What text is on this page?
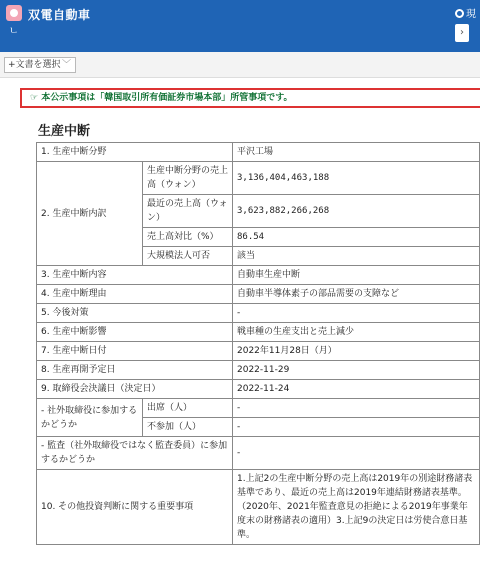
双電自動車
ㄴ
現
›
+文書を選択 ﹀
☞ 本公示事項は「韓国取引所有価証券市場本部」所管事項です。
生産中断
1. 生産中断分野		平沢工場
2. 生産中断内訳	生産中断分野の売上高（ウォン）	3,136,404,463,188
	最近の売上高（ウォン）	3,623,882,266,268
	売上高対比（%）	86.54
	大規模法人可否	該当
3. 生産中断内容		自動車生産中断
4. 生産中断理由		自動車半導体素子の部品需要の支障など
5. 今後対策		-
6. 生産中断影響		戦車種の生産支出と売上減少
7. 生産中断日付		2022年11月28日（月）
8. 生産再開予定日		2022-11-29
9. 取締役会決議日（決定日）		2022-11-24
- 社外取締役に参加するかどうか	出席（人）	-
	不参加（人）	-
- 監査（社外取締役ではなく監査委員）に参加するかどうか		-
10. その他投資判断に関する重要事項		1.上記2の生産中断分野の売上高は2019年の別途財務諸表基準であり、最近の売上高は2019年連結財務諸表基準。（2020年、2021年監査意見の拒絶による2019年事業年度末の財務諸表の適用）3.上記9の決定日は労使合意日基準。
